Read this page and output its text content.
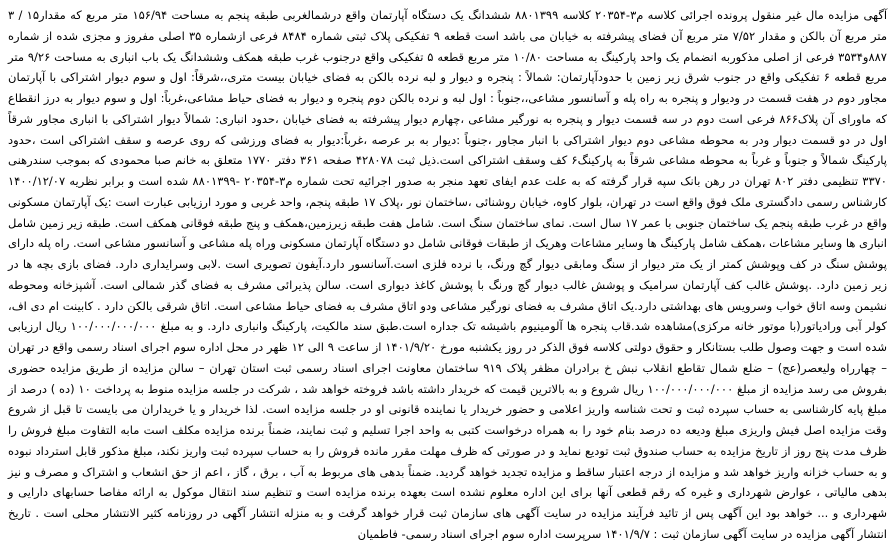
آگهی مزایده مال غیر منقول پرونده اجرائی کلاسه م۳-۲۰۳۵۴ کلاسه ۸۸۰۱۳۹۹ ششدانگ یک دستگاه آپارتمان واقع درشمالغربی طبقه پنجم به مساحت ۱۵۶/۹۴ متر مربع که مقدار۱۵ / ۳ متر مربع آن بالکن و مقدار ۷/۵۲ متر مربع آن فضای پیشرفته به خیابان می باشد است قطعه ۹ تفکیکی پلاک ثبتی شماره ۸۴۸۴ فرعی ازشماره ۳۵ اصلی مفروز و مجزی شده از شماره ۸۸۷و۳۵۳۴ فرعی از اصلی مذکوربه انضمام یک واحد پارکینگ به مساحت ۱۰/۸۰ متر مربع قطعه ۵ تفکیکی واقع درجنوب غرب طبقه همکف وششدانگ یک باب انباری به مساحت ۹/۲۶ متر مربع قطعه ۶ تفکیکی واقع در جنوب شرق زیر زمین با حدودآپارتمان: شمالاً : پنجره و دیوار و لبه نرده بالکن به فضای خیابان بیست متری،،شرقاً: اول و سوم دیوار اشتراکی با آپارتمان مجاور دوم در هفت قسمت در ودیوار و پنجره به راه پله و آسانسور مشاعی،،جنوباً : اول لبه و نرده بالکن دوم پنجره و دیوار به فضای حیاط مشاعی،غرباً: اول و سوم دیوار به درز انقطاع که ماورای آن پلاک۸۶۶ فرعی است دوم در سه قسمت دیوار و پنجره به نورگیر مشاعی ،چهارم دیوار پیشرفته به فضای خیابان ،حدود انباری: شمالاً دیوار اشتراکی با انباری مجاور شرقاً اول در دو قسمت دیوار ودر به محوطه مشاعی دوم دیوار اشتراکی با انبار مجاور ،جنوباً :دیوار به بر عرصه ،غرباً:دیوار به فضای ورزشی که روی عرصه و سقف اشتراکی است ،حدود پارکینگ شمالاً و جنوباً و غرباً به محوطه مشاعی شرقاً به پارکینگ۶ کف وسقف اشتراکی است.ذیل ثبت ۴۲۸۰۷۸ صفحه ۳۶۱ دفتر ۱۷۷۰ متعلق به خانم صبا محمودی که بموجب سندرهنی ۳۳۷۰ تنظیمی دفتر ۸۰۲ تهران در رهن بانک سپه قرار گرفته که به علت عدم ایفای تعهد منجر به صدور اجرائیه تحت شماره م۳-۲۰۳۵۴ -۸۸۰۱۳۹۹ شده است و برابر نظریه ۱۴۰۰/۱۲/۰۷ کارشناس رسمی دادگستری ملک فوق واقع است در تهران، بلوار کاوه، خیابان روشنائی ،ساختمان نور ،پلاک ۱۷ طبقه پنجم، واحد غربی و مورد ارزیابی عبارت است :یک آپارتمان مسکونی واقع در غرب طبقه پنجم یک ساختمان جنوبی با عمر ۱۷ سال است. نمای ساختمان سنگ است. شامل هفت طبقه زیرزمین،همکف و پنج طبقه فوقانی همکف است. طبقه زیر زمین شامل انباری ها وسایر مشاعات ،همکف شامل پارکینگ ها وسایر مشاعات وهریک از طبقات فوقانی شامل دو دستگاه آپارتمان مسکونی وراه پله مشاعی و آسانسور مشاعی است. راه پله دارای پوشش سنگ در کف وپوشش کمتر از یک متر دیوار از سنگ ومابقی دیوار گچ ورنگ، با نرده فلزی است.آسانسور دارد.آیفون تصویری است .لابی وسرایداری دارد. فضای بازی بچه ها در زیر زمین دارد. .پوشش غالب کف آپارتمان سرامیک و پوشش غالب دیوار گچ ورنگ با پوشش کاغذ دیواری است. سالن پذیرائی مشرف به فضای گذر شمالی است. آشپزخانه ومحوطه نشیمن وسه اتاق خواب وسرویس های بهداشتی دارد.یک اتاق مشرف به فضای نورگیر مشاعی ودو اتاق مشرف به فضای حیاط مشاعی است. اتاق شرقی بالکن دارد . کابینت ام دی اف، کولر آبی ورادیاتور(با موتور خانه مرکزی)مشاهده شد.قاب پنجره ها آلومینیوم باشیشه تک جداره است.طبق سند مالکیت، پارکینگ وانباری دارد. و به مبلغ ۱۰۰/۰۰۰/۰۰۰/۰۰۰ ریال ارزیابی شده است و جهت وصول طلب بستانکار و حقوق دولتی کلاسه فوق الذکر در روز یکشنبه مورخ ۱۴۰۱/۹/۲۰ از ساعت ۹ الی ۱۲ ظهر در محل اداره سوم اجرای اسناد رسمی واقع در تهران – چهارراه ولیعصر(عج) – ضلع شمال تقاطع انقلاب نبش خ برادران مظفر پلاک ۹۱۹ ساختمان معاونت اجرای اسناد رسمی ثبت استان تهران – سالن مزایده از طریق مزایده حضوری بفروش می رسد مزایده از مبلغ ۱۰۰/۰۰۰/۰۰۰/۰۰۰ ریال شروع و به بالاترین قیمت که خریدار داشته باشد فروخته خواهد شد ، شرکت در جلسه مزایده منوط به پرداخت ۱۰ (ده ) درصد از مبلغ پایه کارشناسی به حساب سپرده ثبت و تحت شناسه واریز اعلامی و حضور خریدار یا نماینده قانونی او در جلسه مزایده است. لذا خریدار و یا خریداران می بایست تا قبل از شروع وقت مزایده اصل فیش واریزی مبلغ ودیعه ده درصد بنام خود را به همراه درخواست کتبی به واحد اجرا تسلیم و ثبت نمایند، ضمناً برنده مزایده مکلف است مابه التفاوت مبلغ فروش را ظرف مدت پنج روز از تاریخ مزایده به حساب صندوق ثبت تودیع نماید و در صورتی که ظرف مهلت مقرر مانده فروش را به حساب سپرده ثبت واریز نکند، مبلغ مذکور قابل استرداد نبوده و به حساب خزانه واریز خواهد شد و مزایده از درجه اعتبار ساقط و مزایده تجدید خواهد گردید. ضمناً بدهی های مربوط به آب ، برق ، گاز ، اعم از حق انشعاب و اشتراک و مصرف و نیز بدهی مالیاتی ، عوارض شهرداری و غیره که رقم قطعی آنها برای این اداره معلوم نشده است بعهده برنده مزایده است و تنظیم سند انتقال موکول به ارائه مفاصا حسابهای دارایی و شهرداری و ... خواهد بود این آگهی پس از تائید فرآیند مزایده در سایت آگهی های سازمان ثبت قرار خواهد گرفت و به منزله انتشار آگهی در روزنامه کثیر الانتشار محلی است . تاریخ انتشار آگهی مزایده در سایت آگهی سازمان ثبت : ۱۴۰۱/۹/۷ سرپرست اداره سوم اجرای اسناد رسمی- فاطمیان
